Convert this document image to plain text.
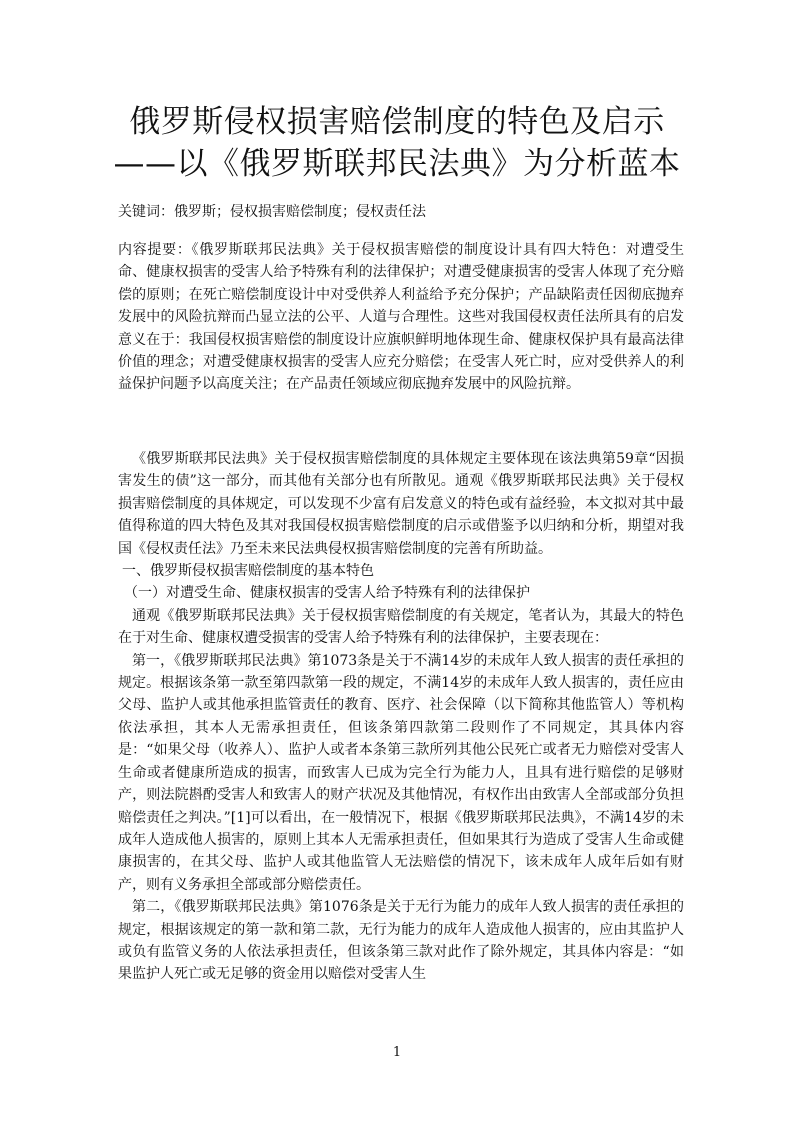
俄罗斯侵权损害赔偿制度的特色及启示
——以《俄罗斯联邦民法典》为分析蓝本
关键词：俄罗斯；侵权损害赔偿制度；侵权责任法
内容提要：《俄罗斯联邦民法典》关于侵权损害赔偿的制度设计具有四大特色：对遭受生命、健康权损害的受害人给予特殊有利的法律保护；对遭受健康损害的受害人体现了充分赔偿的原则；在死亡赔偿制度设计中对受供养人利益给予充分保护；产品缺陷责任因彻底抛弃发展中的风险抗辩而凸显立法的公平、人道与合理性。这些对我国侵权责任法所具有的启发意义在于：我国侵权损害赔偿的制度设计应旗帜鲜明地体现生命、健康权保护具有最高法律价值的理念；对遭受健康权损害的受害人应充分赔偿；在受害人死亡时，应对受供养人的利益保护问题予以高度关注；在产品责任领域应彻底抛弃发展中的风险抗辩。

《俄罗斯联邦民法典》关于侵权损害赔偿制度的具体规定主要体现在该法典第59章“因损害发生的债”这一部分，而其他有关部分也有所散见。通观《俄罗斯联邦民法典》关于侵权损害赔偿制度的具体规定，可以发现不少富有启发意义的特色或有益经验，本文拟对其中最值得称道的四大特色及其对我国侵权损害赔偿制度的启示或借鉴予以归纳和分析，期望对我国《侵权责任法》乃至未来民法典侵权损害赔偿制度的完善有所助益。

一、俄罗斯侵权损害赔偿制度的基本特色

（一）对遭受生命、健康权损害的受害人给予特殊有利的法律保护

通观《俄罗斯联邦民法典》关于侵权损害赔偿制度的有关规定，笔者认为，其最大的特色在于对生命、健康权遭受损害的受害人给予特殊有利的法律保护，主要表现在：

第一，《俄罗斯联邦民法典》第1073条是关于不满14岁的未成年人致人损害的责任承担的规定。根据该条第一款至第四款第一段的规定，不满14岁的未成年人致人损害的，责任应由父母、监护人或其他承担监管责任的教育、医疗、社会保障（以下简称其他监管人）等机构依法承担，其本人无需承担责任，但该条第四款第二段则作了不同规定，其具体内容是：“如果父母（收养人）、监护人或者本条第三款所列其他公民死亡或者无力赔偿对受害人生命或者健康所造成的损害，而致害人已成为完全行为能力人，且具有进行赔偿的足够财产，则法院斟酌受害人和致害人的财产状况及其他情况，有权作出由致害人全部或部分负担赔偿责任之判决。”[1]可以看出，在一般情况下，根据《俄罗斯联邦民法典》，不满14岁的未成年人造成他人损害的，原则上其本人无需承担责任，但如果其行为造成了受害人生命或健康损害的，在其父母、监护人或其他监管人无法赔偿的情况下，该未成年人成年后如有财产，则有义务承担全部或部分赔偿责任。

第二，《俄罗斯联邦民法典》第1076条是关于无行为能力的成年人致人损害的责任承担的规定，根据该规定的第一款和第二款，无行为能力的成年人造成他人损害的，应由其监护人或负有监管义务的人依法承担责任，但该条第三款对此作了除外规定，其具体内容是：“如果监护人死亡或无足够的资金用以赔偿对受害人生

1
